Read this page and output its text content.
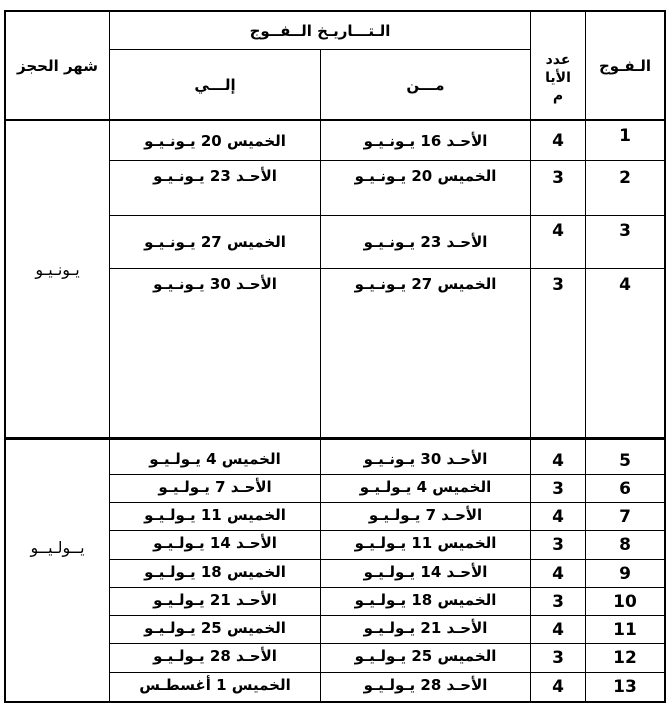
الـفـوج
عدد
الأيا
م
الـتـــاريـخ الــفــوج
مـــن
إلـــي
شهر الحجز
يـونـيـو
يــولـيــو
1
4
الأحـد 16 يـونـيـو
الخميس 20 يـونـيـو
2
3
الخميس 20 يـونـيـو
الأحـد 23 يـونـيـو
3
4
الأحـد 23 يـونـيـو
الخميس 27 يـونـيـو
4
3
الخميس 27 يـونـيـو
الأحـد 30 يـونـيـو
5
4
الأحـد 30 يـونـيـو
الخميس 4 يـولـيـو
6
3
الخميس 4 يـولـيـو
الأحـد 7 يـولـيـو
7
4
الأحـد 7 يـولـيـو
الخميس 11 يـولـيـو
8
3
الخميس 11 يـولـيـو
الأحـد 14 يـولـيـو
9
4
الأحـد 14 يـولـيـو
الخميس 18 يـولـيـو
10
3
الخميس 18 يـولـيـو
الأحـد 21 يـولـيـو
11
4
الأحـد 21 يـولـيـو
الخميس 25 يـولـيـو
12
3
الخميس 25 يـولـيـو
الأحـد 28 يـولـيـو
13
4
الأحـد 28 يـولـيـو
الخميس 1 أغسطـس
